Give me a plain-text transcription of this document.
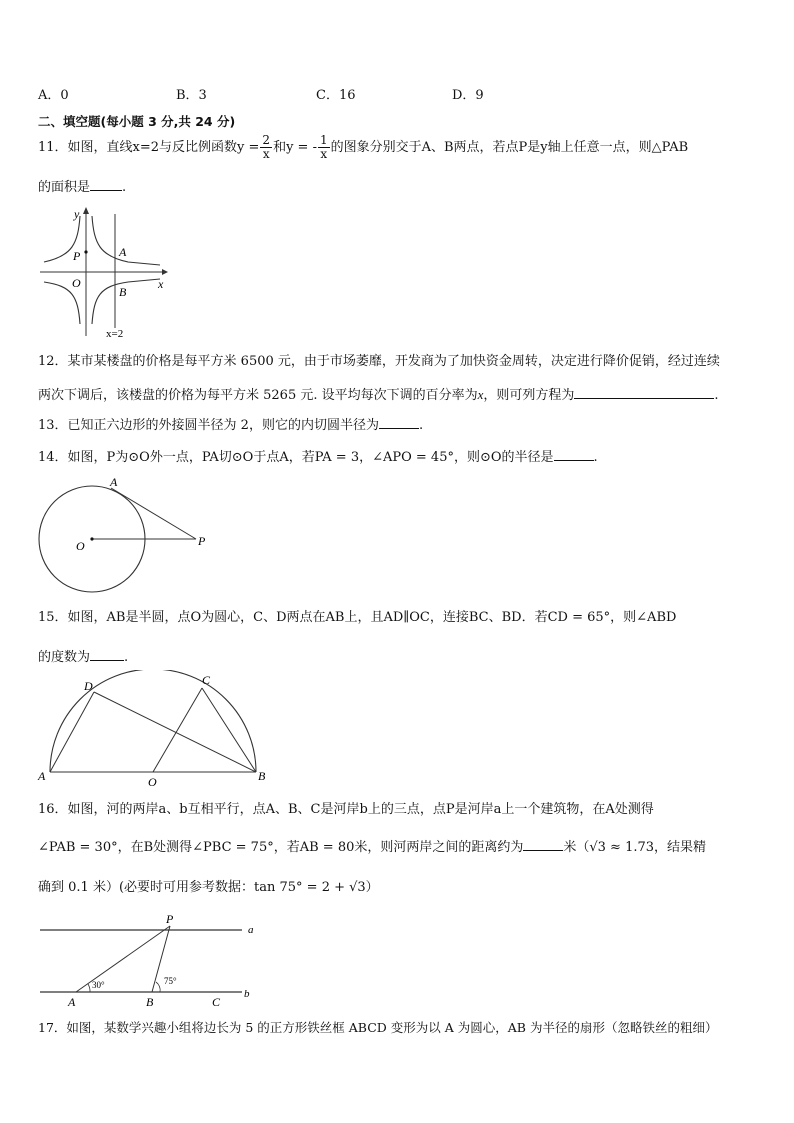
A．0	B．3	C．16	D．9
二、填空题(每小题 3 分,共 24 分)
11．如图，直线x=2与反比例函数$y = \frac{2}{x}$ 和y = - $\frac{1}{x}$ 的图象分别交于A、B两点，若点P是y轴上任意一点，则△PAB
的面积是 .
y
x
P	A
O
B
x=2
12．某市某楼盘的价格是每平方米 6500 元，由于市场萎靡，开发商为了加快资金周转，决定进行降价促销，经过连续
两次下调后，该楼盘的价格为每平方米 5265 元. 设平均每次下调的百分率为x，则可列方程为	.
13．已知正六边形的外接圆半径为 2，则它的内切圆半径为	.
14．如图，P为⊙O外一点，PA切⊙O于点A，若PA = 3，∠APO = 45°，则⊙O的半径是	.
A
O	P
15．如图，AB是半圆，点O为圆心，C、D两点在AB上，且AD∥OC，连接BC、BD．若CD = 65°，则∠ABD
的度数为	.
D	C
A	O	B
16．如图，河的两岸a、b互相平行，点A、B、C是河岸b上的三点，点P是河岸a上一个建筑物，在A处测得
∠PAB = 30°，在B处测得∠PBC = 75°，若AB = 80米，则河两岸之间的距离约为	米（√3 ≈ 1.73，结果精
确到 0.1 米）(必要时可用参考数据：tan 75° = 2 + √3）
P
a
b
A	B	C
30°	75°
17．如图，某数学兴趣小组将边长为 5 的正方形铁丝框 ABCD 变形为以 A 为圆心，AB 为半径的扇形（忽略铁丝的粗细）
